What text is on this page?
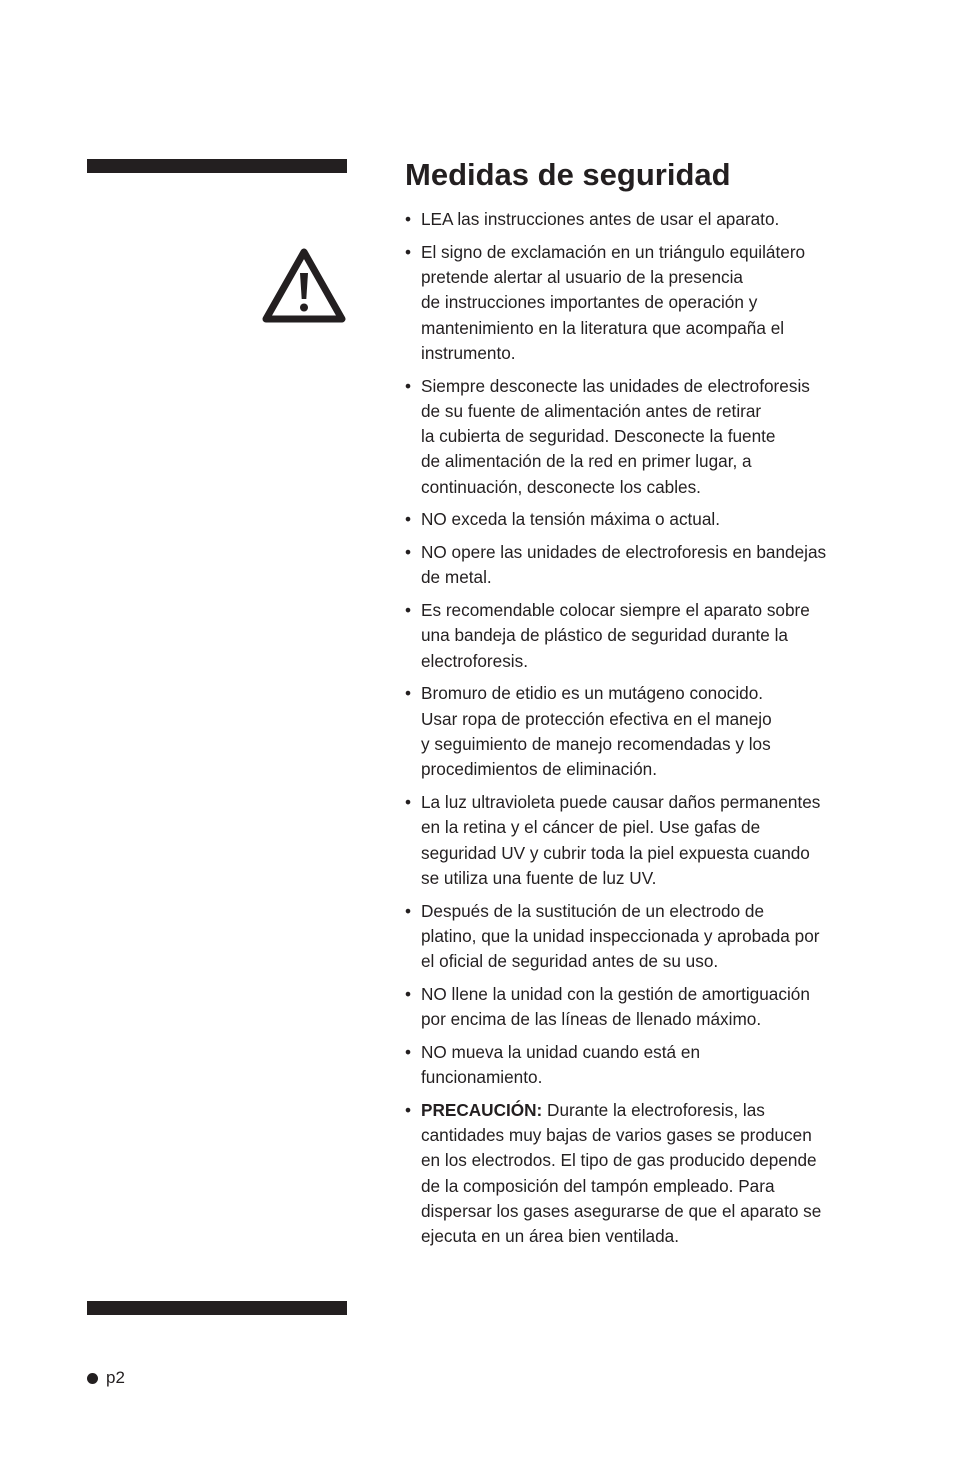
Medidas de seguridad
• LEA las instrucciones antes de usar el aparato.
• El signo de exclamación en un triángulo equilátero
pretende alertar al usuario de la presencia
de instrucciones importantes de operación y
mantenimiento en la literatura que acompaña el
instrumento.
• Siempre desconecte las unidades de electroforesis
de su fuente de alimentación antes de retirar
la cubierta de seguridad. Desconecte la fuente
de alimentación de la red en primer lugar, a
continuación, desconecte los cables.
• NO exceda la tensión máxima o actual.
• NO opere las unidades de electroforesis en bandejas
de metal.
• Es recomendable colocar siempre el aparato sobre
una bandeja de plástico de seguridad durante la
electroforesis.
• Bromuro de etidio es un mutágeno conocido.
Usar ropa de protección efectiva en el manejo
y seguimiento de manejo recomendadas y los
procedimientos de eliminación.
• La luz ultravioleta puede causar daños permanentes
en la retina y el cáncer de piel. Use gafas de
seguridad UV y cubrir toda la piel expuesta cuando
se utiliza una fuente de luz UV.
• Después de la sustitución de un electrodo de
platino, que la unidad inspeccionada y aprobada por
el oficial de seguridad antes de su uso.
• NO llene la unidad con la gestión de amortiguación
por encima de las líneas de llenado máximo.
• NO mueva la unidad cuando está en
funcionamiento.
• PRECAUCIÓN: Durante la electroforesis, las
cantidades muy bajas de varios gases se producen
en los electrodos. El tipo de gas producido depende
de la composición del tampón empleado. Para
dispersar los gases asegurarse de que el aparato se
ejecuta en un área bien ventilada.
p2
